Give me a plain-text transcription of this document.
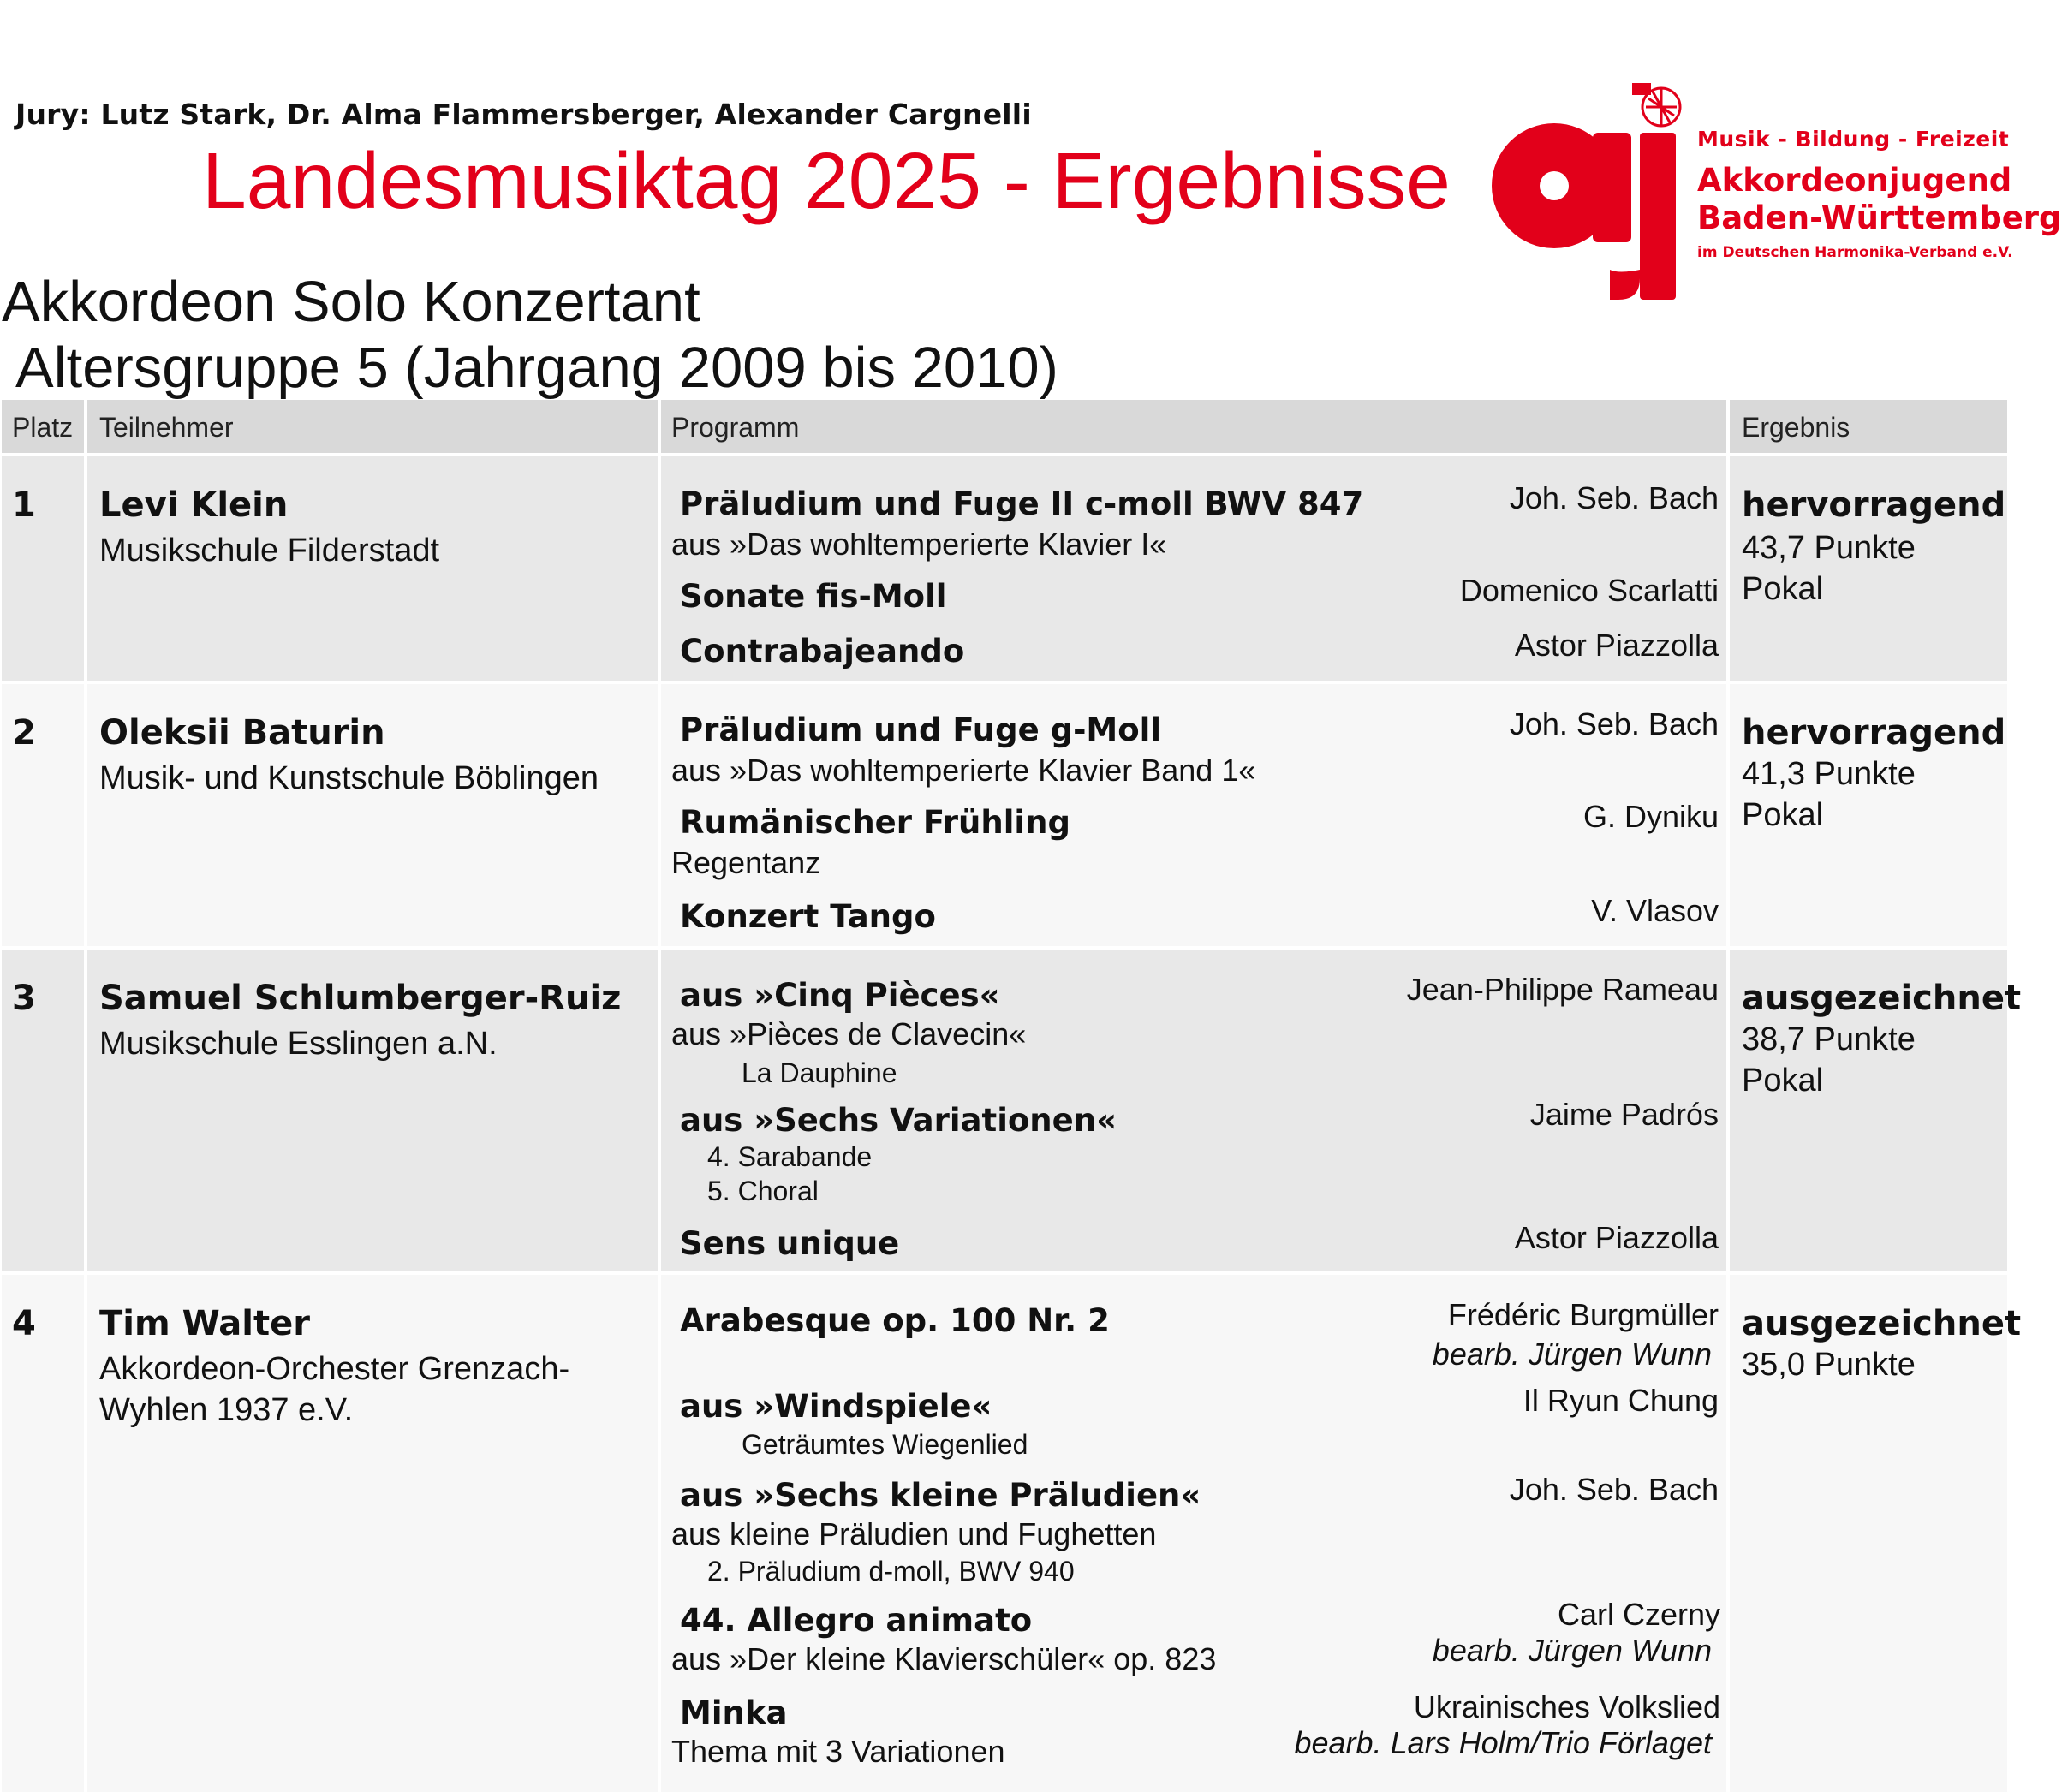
Jury: Lutz Stark, Dr. Alma Flammersberger, Alexander Cargnelli
Landesmusiktag 2025 - Ergebnisse	Musik - Bildung - Freizeit
Akkordeonjugend
Baden-Württemberg
im Deutschen Harmonika-Verband e.V.
Akkordeon Solo Konzertant
Altersgruppe 5 (Jahrgang 2009 bis 2010)
Platz Teilnehmer	Programm	Ergebnis
1 Levi Klein
Musikschule Filderstadt
Präludium und Fuge II c-moll BWV 847	Joh. Seb. Bach
aus »Das wohltemperierte Klavier I«
Sonate fis-Moll	Domenico Scarlatti
Contrabajeando	Astor Piazzolla
hervorragend
43,7 Punkte
Pokal
2 Oleksii Baturin
Musik- und Kunstschule Böblingen
Präludium und Fuge g-Moll	Joh. Seb. Bach
aus »Das wohltemperierte Klavier Band 1«
Rumänischer Frühling	G. Dyniku
Regentanz
Konzert Tango	V. Vlasov
hervorragend
41,3 Punkte
Pokal
3 Samuel Schlumberger-Ruiz
Musikschule Esslingen a.N.
aus »Cinq Pièces«	Jean-Philippe Rameau
aus »Pièces de Clavecin«
La Dauphine
aus »Sechs Variationen«	Jaime Padrós
4. Sarabande
5. Choral
Sens unique	Astor Piazzolla
ausgezeichnet
38,7 Punkte
Pokal
4 Tim Walter
Akkordeon-Orchester Grenzach-Wyhlen 1937 e.V.
Arabesque op. 100 Nr. 2	Frédéric Burgmüller
bearb. Jürgen Wunn
aus »Windspiele«	Il Ryun Chung
Geträumtes Wiegenlied
aus »Sechs kleine Präludien«	Joh. Seb. Bach
aus kleine Präludien und Fughetten
2. Präludium d-moll, BWV 940
44. Allegro animato	Carl Czerny
bearb. Jürgen Wunn
aus »Der kleine Klavierschüler« op. 823
Minka	Ukrainisches Volkslied
bearb. Lars Holm/Trio Förlaget
Thema mit 3 Variationen
ausgezeichnet
35,0 Punkte
